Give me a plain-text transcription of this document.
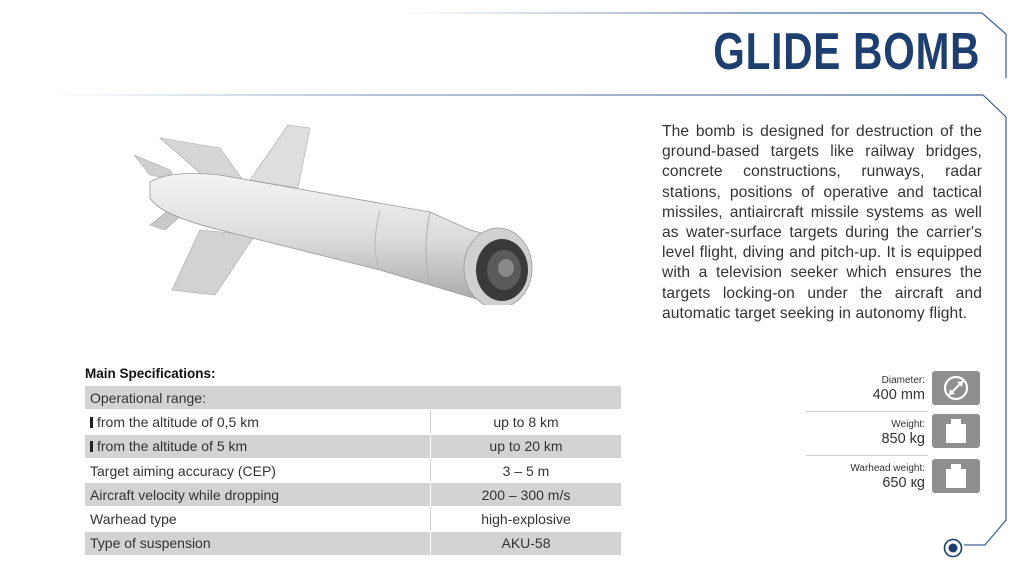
GLIDE BOMB
The bomb is designed for destruction of the ground-based targets like railway bridges, concrete constructions, runways, radar stations, positions of operative and tactical missiles, antiaircraft missile systems as well as water-surface targets during the carrier's level flight, diving and pitch-up. It is equipped with a television seeker which ensures the targets locking-on under the aircraft and automatic target seeking in autonomy flight.
Main Specifications:
Operational range:	
from the altitude of 0,5 km	up to 8 km
from the altitude of 5 km	up to 20 km
Target aiming accuracy (CEP)	3 – 5 m
Aircraft velocity while dropping	200 – 300 m/s
Warhead type	high-explosive
Type of suspension	AKU-58
Diameter:
400 mm
Weight:
850 kg
Warhead weight:
650 кg
